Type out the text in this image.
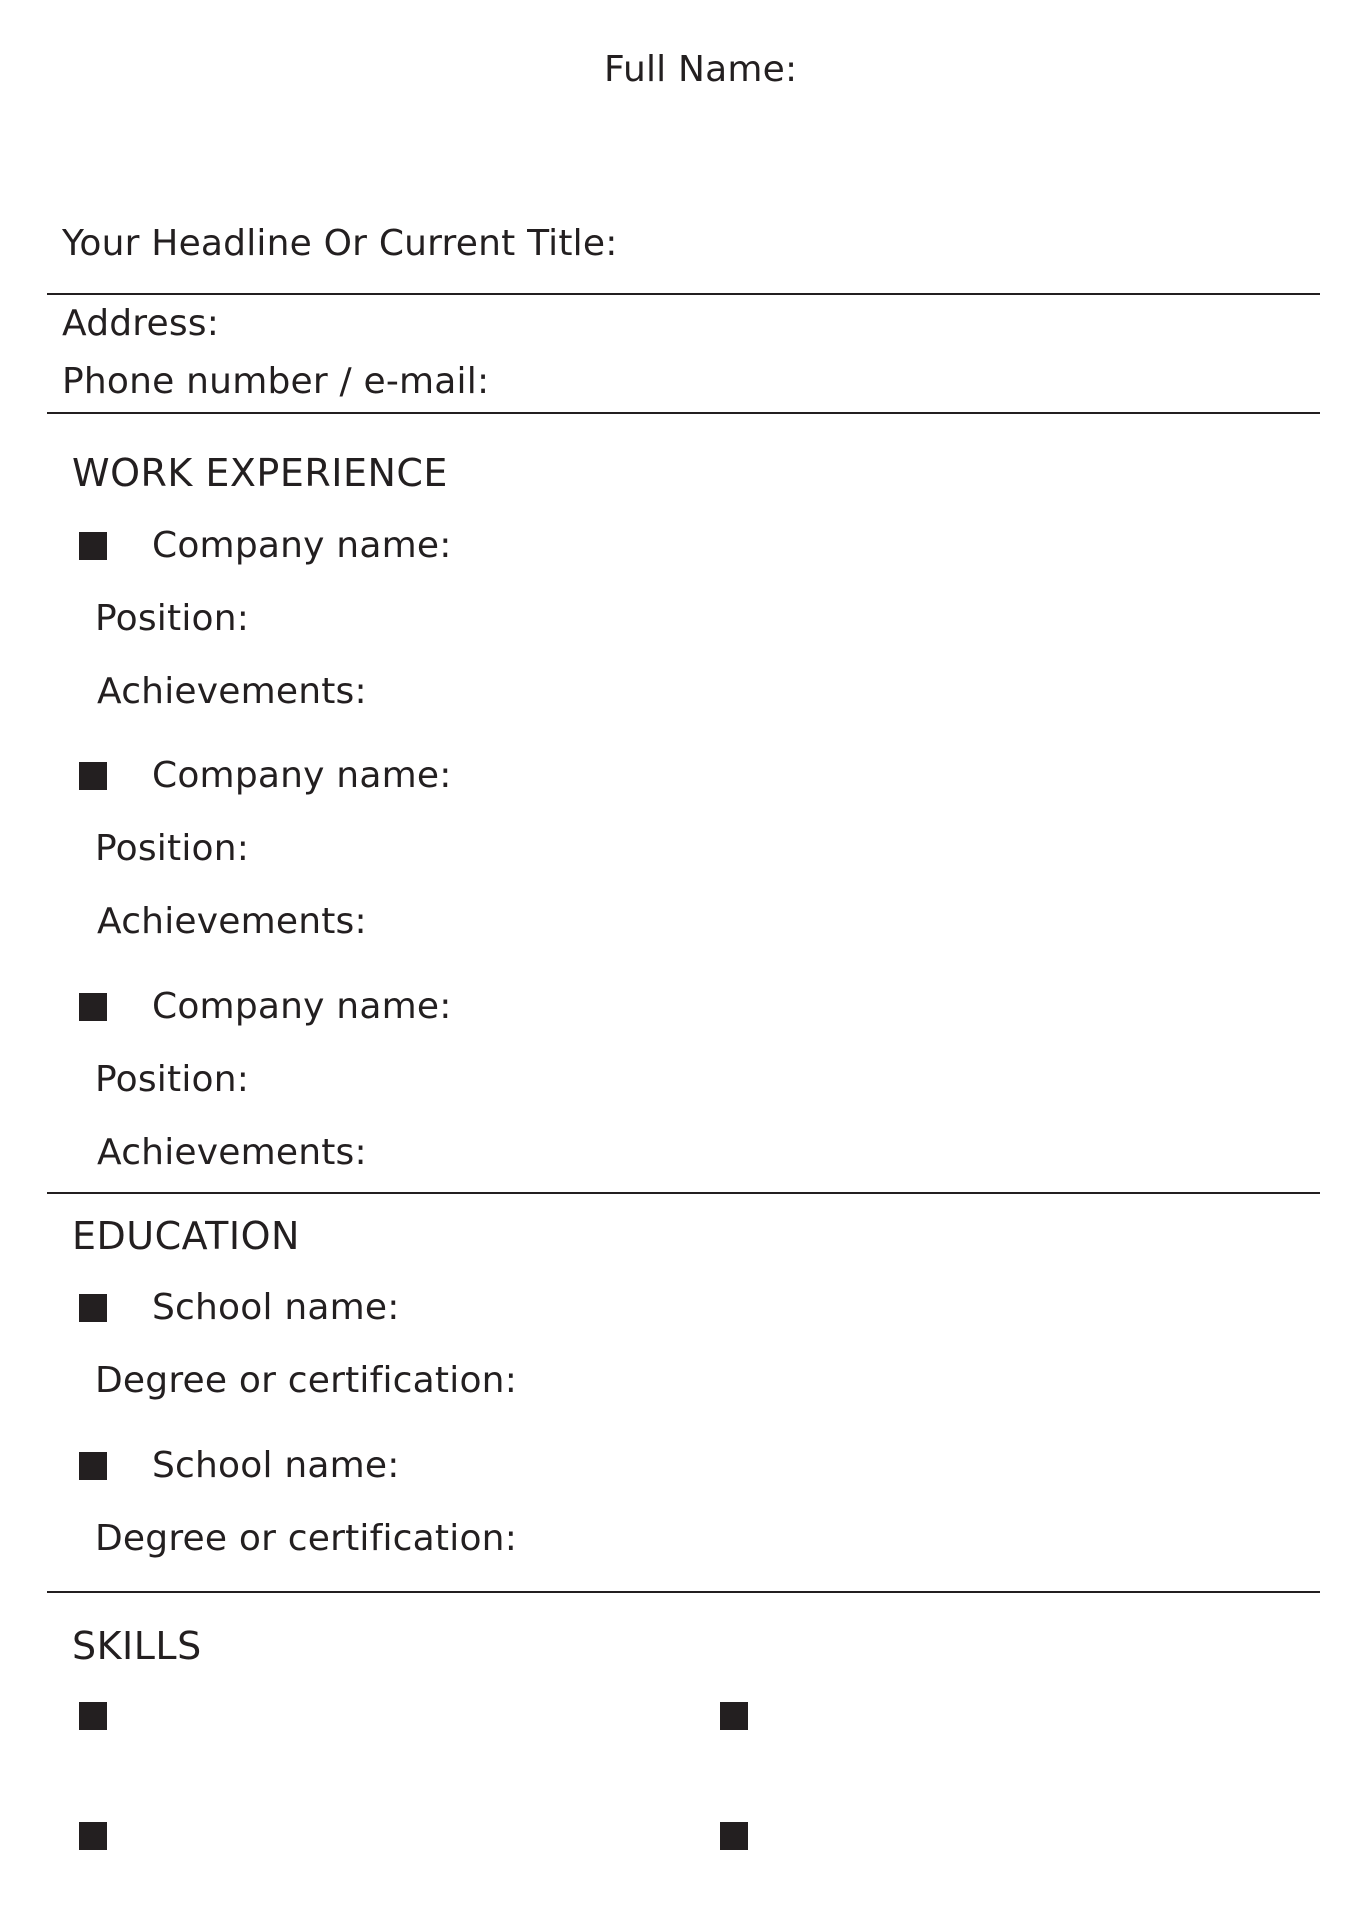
Full Name:
Your Headline Or Current Title:
Address:
Phone number / e-mail:
WORK EXPERIENCE
Company name:
Position:
Achievements:
Company name:
Position:
Achievements:
Company name:
Position:
Achievements:
EDUCATION
School name:
Degree or certification:
School name:
Degree or certification:
SKILLS
